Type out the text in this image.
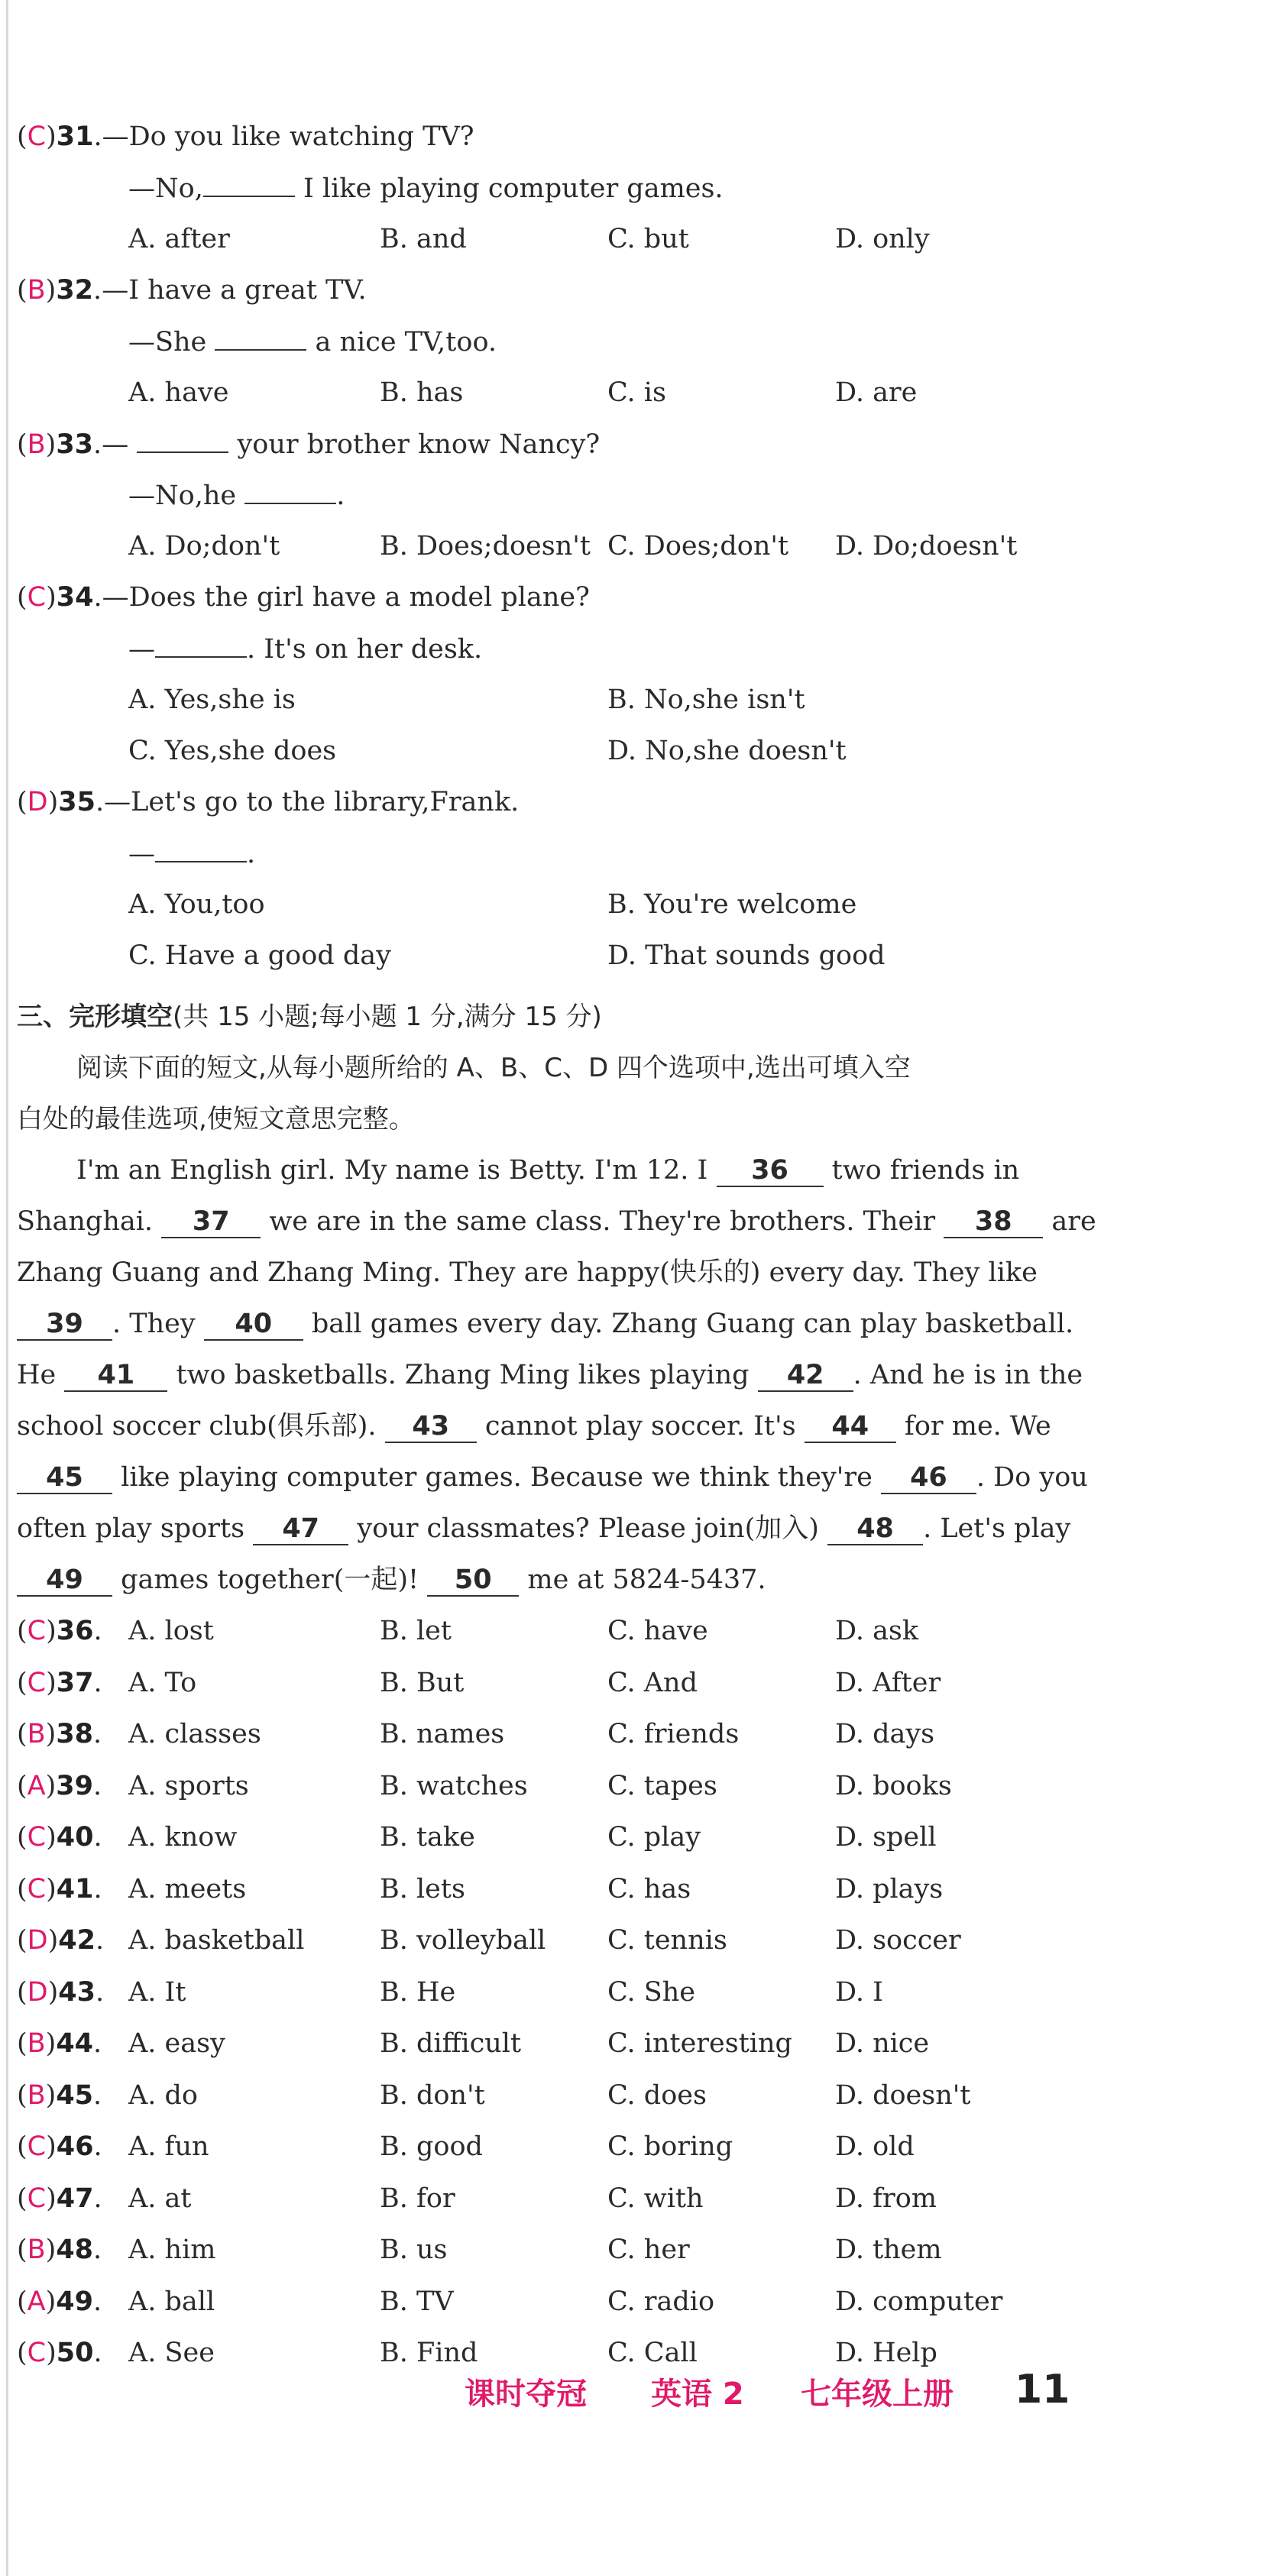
(C)31.—Do you like watching TV?
—No,	I like playing computer games.
A. after	B. and	C. but	D. only
(B)32.—I have a great TV.
—She	a nice TV,too.
A. have	B. has	C. is	D. are
(B)33.—	your brother know Nancy?
—No,he	.
A. Do;don't	B. Does;doesn't C. Does;don't D. Do;doesn't
(C)34.—Does the girl have a model plane?
—	. It's on her desk.
A. Yes,she is	B. No,she isn't
C. Yes,she does	D. No,she doesn't
(D)35.—Let's go to the library,Frank.
—	.
A. You,too	B. You're welcome
C. Have a good day	D. That sounds good
三、完形填空(共 15 小题;每小题 1 分,满分 15 分)
阅读下面的短文,从每小题所给的 A、B、C、D 四个选项中,选出可填入空
白处的最佳选项,使短文意思完整。
I'm an English girl. My name is Betty. I'm 12. I 36 two friends in
Shanghai. 37 we are in the same class. They're brothers. Their 38 are
Zhang Guang and Zhang Ming. They are happy(快乐的) every day. They like
39 . They 40 ball games every day. Zhang Guang can play basketball.
He 41 two basketballs. Zhang Ming likes playing 42 . And he is in the
school soccer club(俱乐部). 43 cannot play soccer. It's 44 for me. We
45 like playing computer games. Because we think they're 46 . Do you
often play sports 47 your classmates? Please join(加入) 48 . Let's play
49 games together(一起)! 50 me at 5824-5437.
(C)36. A. lost	B. let	C. have	D. ask
(C)37. A. To	B. But	C. And	D. After
(B)38. A. classes	B. names	C. friends	D. days
(A)39. A. sports	B. watches	C. tapes	D. books
(C)40. A. know	B. take	C. play	D. spell
(C)41. A. meets	B. lets	C. has	D. plays
(D)42. A. basketball	B. volleyball C. tennis	D. soccer
(D)43. A. It	B. He	C. She	D. I
(B)44. A. easy	B. difficult	C. interesting D. nice
(B)45. A. do	B. don't	C. does	D. doesn't
(C)46. A. fun	B. good	C. boring	D. old
(C)47. A. at	B. for	C. with	D. from
(B)48. A. him	B. us	C. her	D. them
(A)49. A. ball	B. TV	C. radio	D. computer
(C)50. A. See	B. Find	C. Call	D. Help
课时夺冠 英语 2 七年级上册 11
